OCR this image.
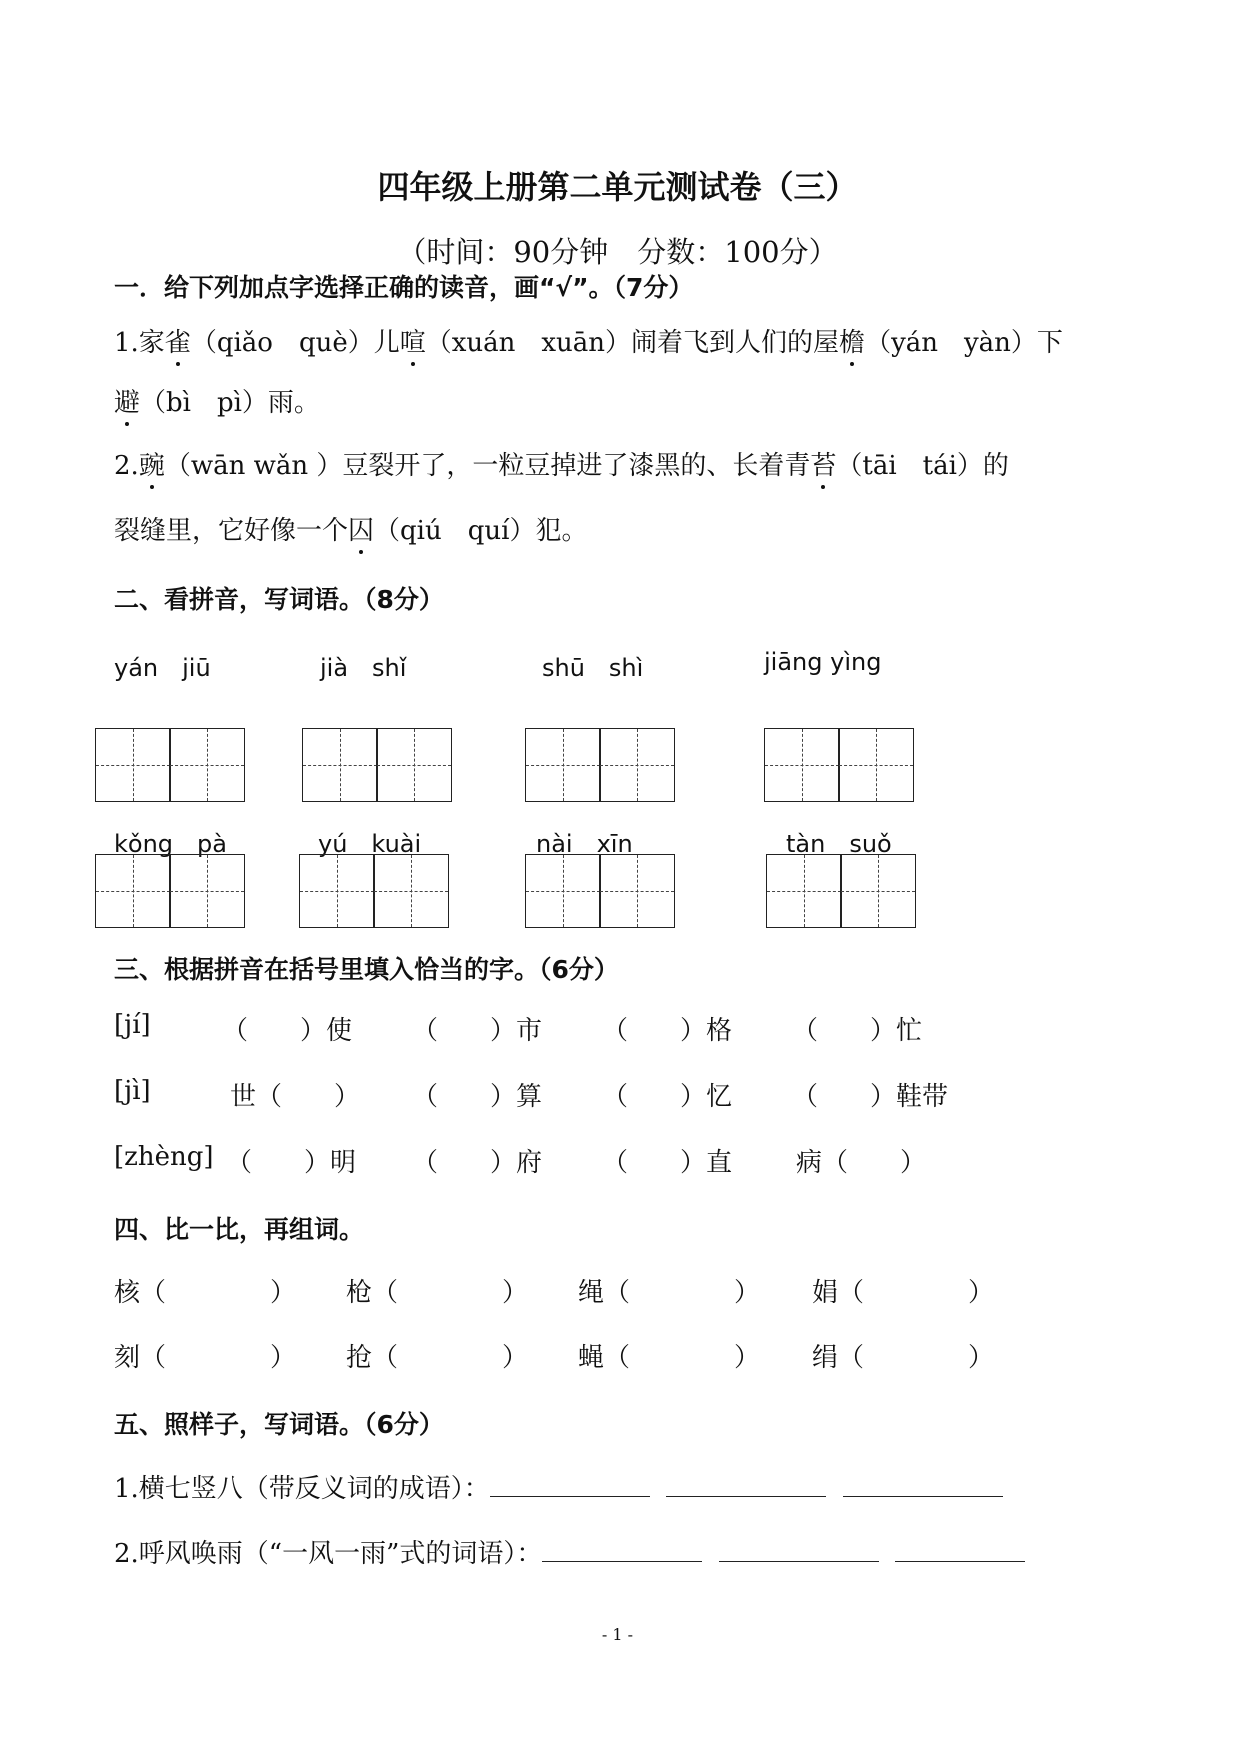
四年级上册第二单元测试卷（三）
（时间：90分钟　分数：100分）
一．给下列加点字选择正确的读音，画“√”。（7分）
1.家雀（qiǎo　què）儿喧（xuán　xuān）闹着飞到人们的屋檐（yán　yàn）下
避（bì　pì）雨。
2.豌（wān wǎn ）豆裂开了，一粒豆掉进了漆黑的、长着青苔（tāi　tái）的
裂缝里，它好像一个囚（qiú　quí）犯。
二、看拼音，写词语。（8分）
yán　jiū	jià　shǐ	shū　shì	jiāng yìng
kǒng　pà	yú　kuài	nài　xīn	tàn　suǒ
三、根据拼音在括号里填入恰当的字。（6分）
[jí]	（　　）使 （　　）市 （　　）格 （　　）忙
[jì]	世（　　） （　　）算 （　　）忆 （　　）鞋带
[zhèng] （　　）明 （　　）府 （　　）直 病（　　）
四、比一比，再组词。
核（　　　　） 枪（　　　　） 绳（　　　　） 娟（　　　　）
刻（　　　　） 抢（　　　　） 蝇（　　　　） 绢（　　　　）
五、照样子，写词语。（6分）
1.横七竖八（带反义词的成语）：
2.呼风唤雨（“一风一雨”式的词语）：
- 1 -
